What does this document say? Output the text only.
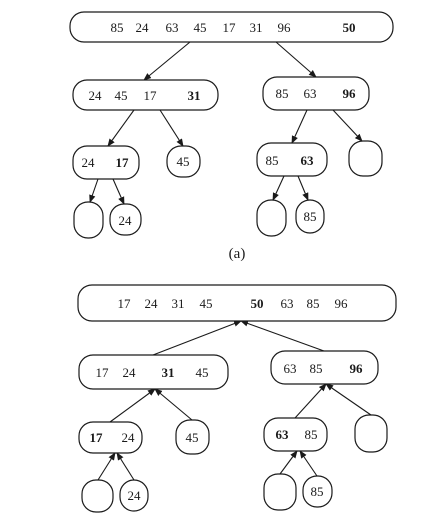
85 24 63 45 17 31 96	50
24 45 17 31	85 63 96
24 17	45	85 63
24	85
17 24 31 45	50 63 85 96
17 24 31 45	63 85 96
17 24	45	63 85
24	85
(a)
